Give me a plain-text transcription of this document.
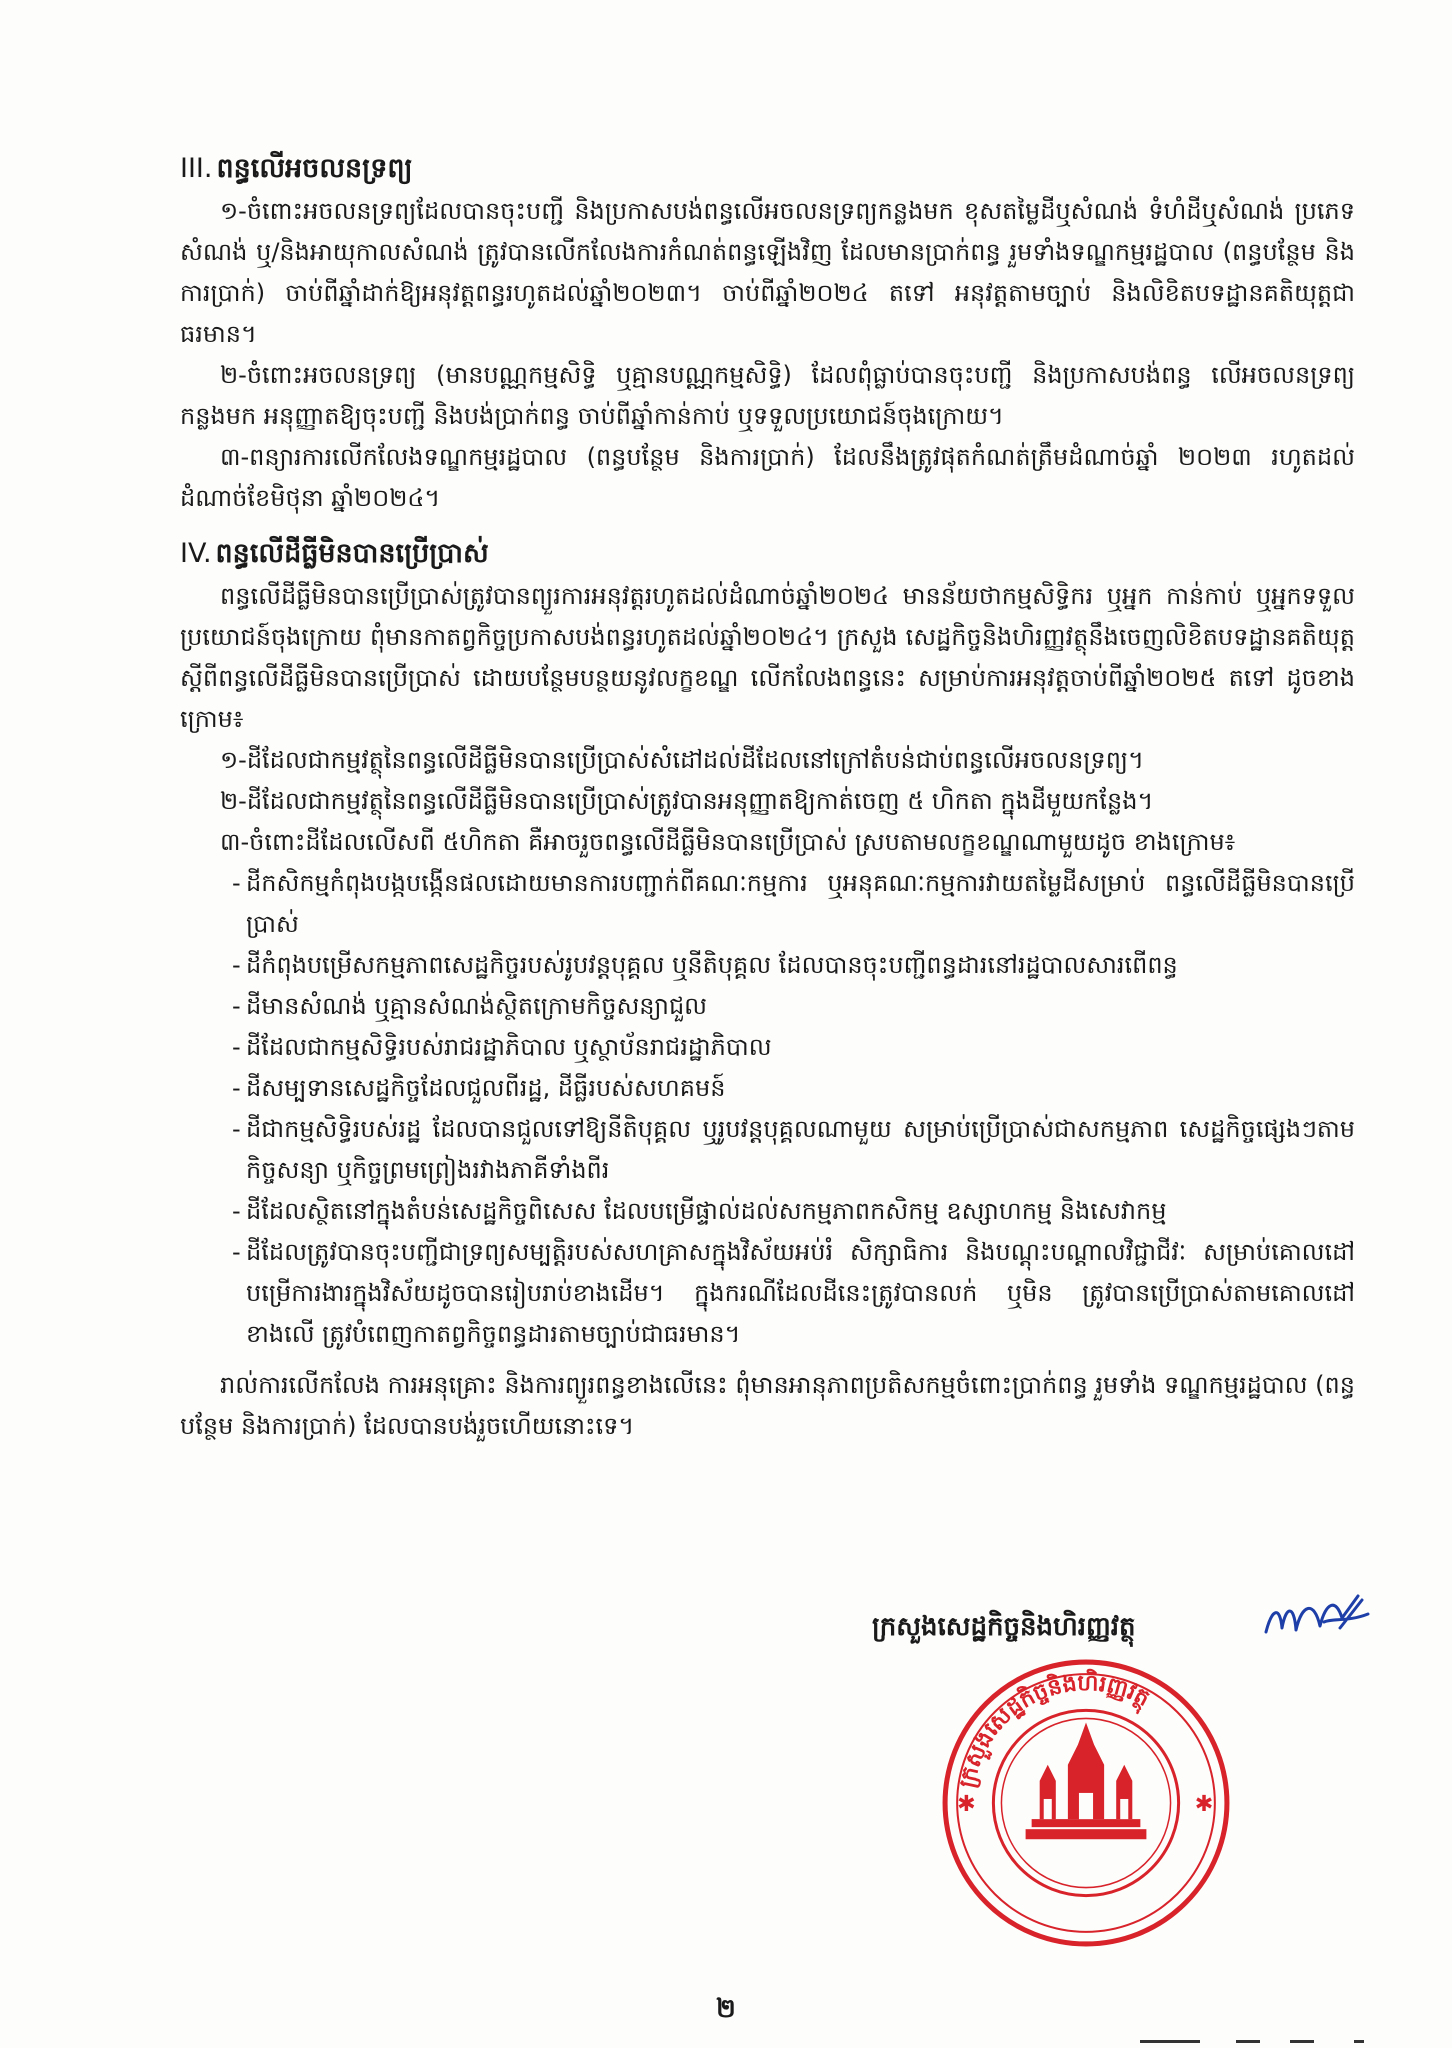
III. ពន្ធលើអចលនទ្រព្យ

១-ចំពោះអចលនទ្រព្យដែលបានចុះបញ្ជី និងប្រកាសបង់ពន្ធលើអចលនទ្រព្យកន្លងមក ខុសតម្លៃដីឬសំណង់ ទំហំដីឬសំណង់ ប្រភេទសំណង់ ឬ/និងអាយុកាលសំណង់ ត្រូវបានលើកលែងការកំណត់ពន្ធឡើងវិញ ដែលមានប្រាក់ពន្ធ រួមទាំងទណ្ឌកម្មរដ្ឋបាល (ពន្ធបន្ថែម និងការប្រាក់) ចាប់ពីឆ្នាំដាក់ឱ្យអនុវត្តពន្ធរហូតដល់ឆ្នាំ២០២៣។ ចាប់ពីឆ្នាំ២០២៤ តទៅ អនុវត្តតាមច្បាប់ និងលិខិតបទដ្ឋានគតិយុត្តជាធរមាន។

២-ចំពោះអចលនទ្រព្យ (មានបណ្ណកម្មសិទ្ធិ ឬគ្មានបណ្ណកម្មសិទ្ធិ) ដែលពុំធ្លាប់បានចុះបញ្ជី និងប្រកាសបង់ពន្ធ លើអចលនទ្រព្យកន្លងមក អនុញ្ញាតឱ្យចុះបញ្ជី និងបង់ប្រាក់ពន្ធ ចាប់ពីឆ្នាំកាន់កាប់ ឬទទួលប្រយោជន៍ចុងក្រោយ។

៣-ពន្យារការលើកលែងទណ្ឌកម្មរដ្ឋបាល (ពន្ធបន្ថែម និងការប្រាក់) ដែលនឹងត្រូវផុតកំណត់ត្រឹមដំណាច់ឆ្នាំ ២០២៣ រហូតដល់ដំណាច់ខែមិថុនា ឆ្នាំ២០២៤។

IV. ពន្ធលើដីធ្លីមិនបានប្រើប្រាស់

ពន្ធលើដីធ្លីមិនបានប្រើប្រាស់ត្រូវបានព្យួរការអនុវត្តរហូតដល់ដំណាច់ឆ្នាំ២០២៤ មានន័យថាកម្មសិទ្ធិករ ឬអ្នក កាន់កាប់ ឬអ្នកទទួលប្រយោជន៍ចុងក្រោយ ពុំមានកាតព្វកិច្ចប្រកាសបង់ពន្ធរហូតដល់ឆ្នាំ២០២៤។ ក្រសួង សេដ្ឋកិច្ចនិងហិរញ្ញវត្ថុនឹងចេញលិខិតបទដ្ឋានគតិយុត្តស្តីពីពន្ធលើដីធ្លីមិនបានប្រើប្រាស់ ដោយបន្ថែមបន្ថយនូវលក្ខខណ្ឌ លើកលែងពន្ធនេះ សម្រាប់ការអនុវត្តចាប់ពីឆ្នាំ២០២៥ តទៅ ដូចខាងក្រោម៖

១-ដីដែលជាកម្មវត្ថុនៃពន្ធលើដីធ្លីមិនបានប្រើប្រាស់សំដៅដល់ដីដែលនៅក្រៅតំបន់ជាប់ពន្ធលើអចលនទ្រព្យ។

២-ដីដែលជាកម្មវត្ថុនៃពន្ធលើដីធ្លីមិនបានប្រើប្រាស់ត្រូវបានអនុញ្ញាតឱ្យកាត់ចេញ ៥ ហិកតា ក្នុងដីមួយកន្លែង។

៣-ចំពោះដីដែលលើសពី ៥ហិកតា គឺអាចរួចពន្ធលើដីធ្លីមិនបានប្រើប្រាស់ ស្របតាមលក្ខខណ្ឌណាមួយដូច ខាងក្រោម៖

- ដីកសិកម្មកំពុងបង្កបង្កើនផលដោយមានការបញ្ជាក់ពីគណៈកម្មការ ឬអនុគណៈកម្មការវាយតម្លៃដីសម្រាប់ ពន្ធលើដីធ្លីមិនបានប្រើប្រាស់
- ដីកំពុងបម្រើសកម្មភាពសេដ្ឋកិច្ចរបស់រូបវន្តបុគ្គល ឬនីតិបុគ្គល ដែលបានចុះបញ្ជីពន្ធដារនៅរដ្ឋបាលសារពើពន្ធ
- ដីមានសំណង់ ឬគ្មានសំណង់ស្ថិតក្រោមកិច្ចសន្យាជួល
- ដីដែលជាកម្មសិទ្ធិរបស់រាជរដ្ឋាភិបាល ឬស្ថាប័នរាជរដ្ឋាភិបាល
- ដីសម្បទានសេដ្ឋកិច្ចដែលជួលពីរដ្ឋ, ដីធ្លីរបស់សហគមន៍
- ដីជាកម្មសិទ្ធិរបស់រដ្ឋ ដែលបានជួលទៅឱ្យនីតិបុគ្គល ឬរូបវន្តបុគ្គលណាមួយ សម្រាប់ប្រើប្រាស់ជាសកម្មភាព សេដ្ឋកិច្ចផ្សេងៗតាមកិច្ចសន្យា ឬកិច្ចព្រមព្រៀងរវាងភាគីទាំងពីរ
- ដីដែលស្ថិតនៅក្នុងតំបន់សេដ្ឋកិច្ចពិសេស ដែលបម្រើផ្ទាល់ដល់សកម្មភាពកសិកម្ម ឧស្សាហកម្ម និងសេវាកម្ម
- ដីដែលត្រូវបានចុះបញ្ជីជាទ្រព្យសម្បត្តិរបស់សហគ្រាសក្នុងវិស័យអប់រំ សិក្សាធិការ និងបណ្តុះបណ្តាលវិជ្ជាជីវៈ សម្រាប់គោលដៅបម្រើការងារក្នុងវិស័យដូចបានរៀបរាប់ខាងដើម។ ក្នុងករណីដែលដីនេះត្រូវបានលក់ ឬមិន ត្រូវបានប្រើប្រាស់តាមគោលដៅខាងលើ ត្រូវបំពេញកាតព្វកិច្ចពន្ធដារតាមច្បាប់ជាធរមាន។

រាល់ការលើកលែង ការអនុគ្រោះ និងការព្យួរពន្ធខាងលើនេះ ពុំមានអានុភាពប្រតិសកម្មចំពោះប្រាក់ពន្ធ រួមទាំង ទណ្ឌកម្មរដ្ឋបាល (ពន្ធបន្ថែម និងការប្រាក់) ដែលបានបង់រួចហើយនោះទេ។

ក្រសួងសេដ្ឋកិច្ចនិងហិរញ្ញវត្ថុ
ក្រសួងសេដ្ឋកិច្ចនិងហិរញ្ញវត្ថុ
✱	✱
២
